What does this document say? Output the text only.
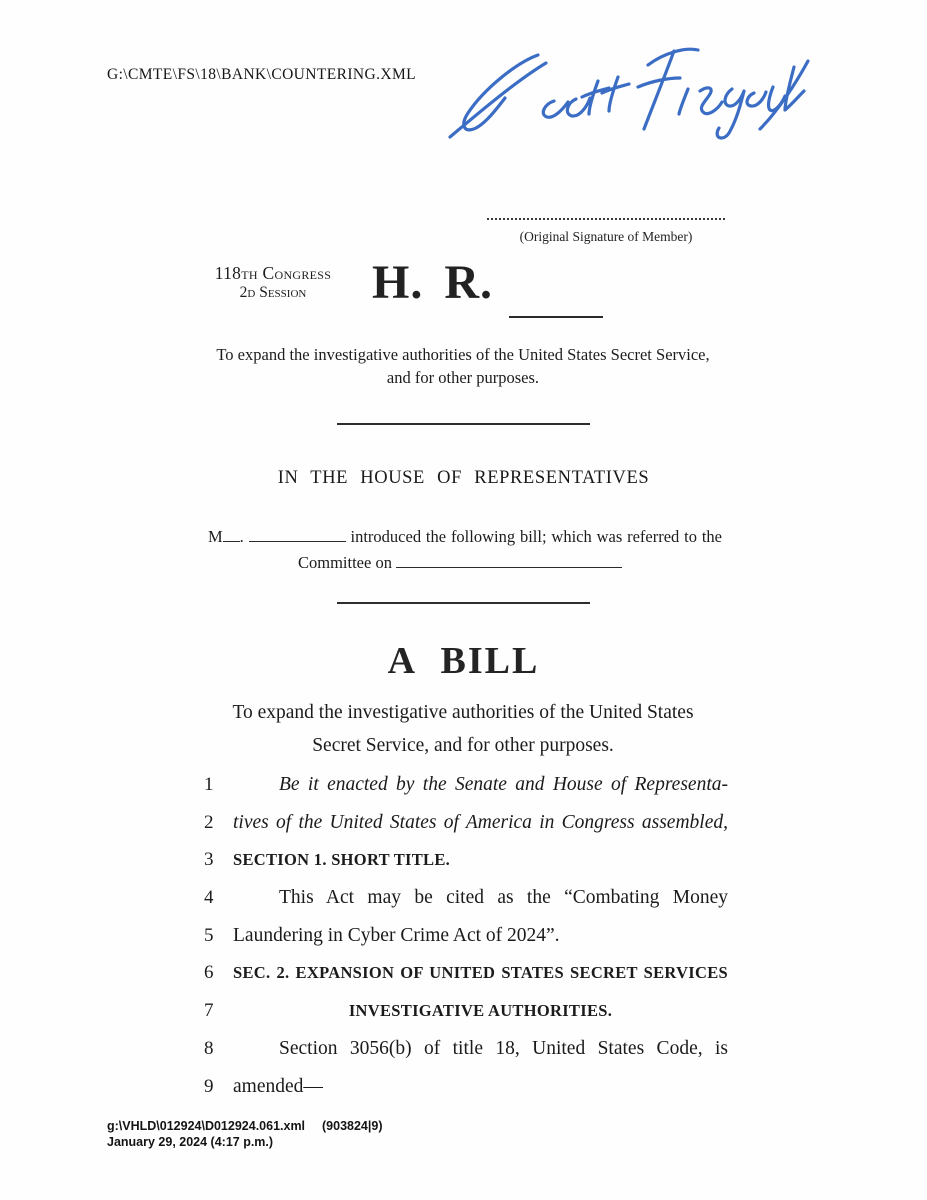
G:\CMTE\FS\18\BANK\COUNTERING.XML
(Original Signature of Member)
118th Congress
2d Session	H. R.
To expand the investigative authorities of the United States Secret Service,
and for other purposes.
IN THE HOUSE OF REPRESENTATIVES
M .	introduced the following bill; which was referred to the
Committee on
A BILL
To expand the investigative authorities of the United States
Secret Service, and for other purposes.
1	Be it enacted by the Senate and House of Representa-
2	tives of the United States of America in Congress assembled,
3	SECTION 1. SHORT TITLE.
4	This Act may be cited as the “Combating Money
5	Laundering in Cyber Crime Act of 2024”.
6	SEC. 2. EXPANSION OF UNITED STATES SECRET SERVICES
7	INVESTIGATIVE AUTHORITIES.
8	Section 3056(b) of title 18, United States Code, is
9	amended—
g:\VHLD\012924\D012924.061.xml (903824|9)
January 29, 2024 (4:17 p.m.)
